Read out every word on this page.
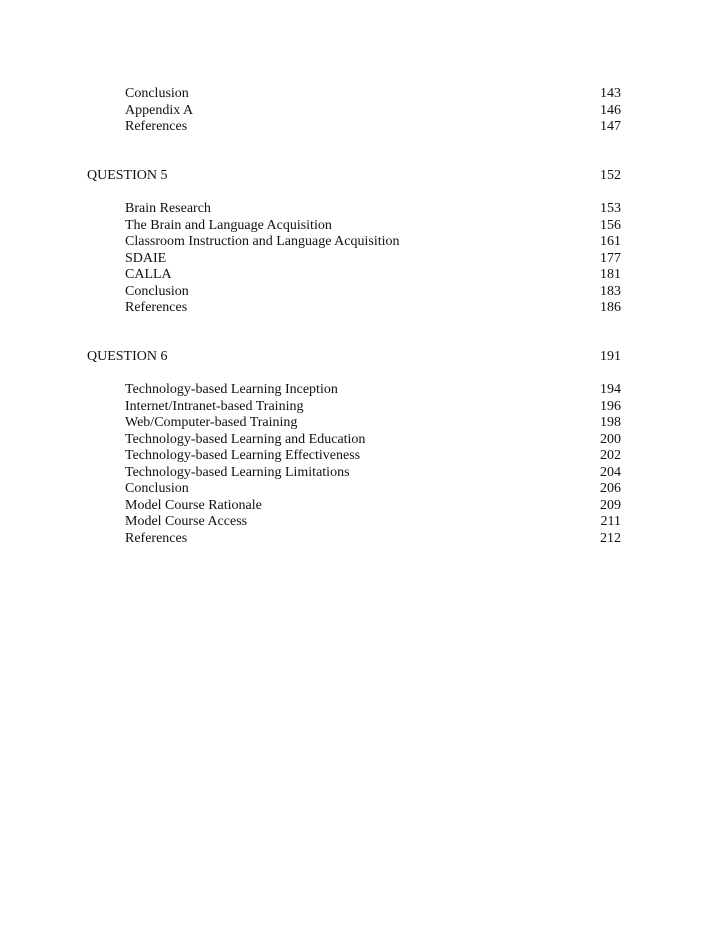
Conclusion	143
Appendix A	146
References	147
QUESTION 5	152
Brain Research	153
The Brain and Language Acquisition	156
Classroom Instruction and Language Acquisition	161
SDAIE	177
CALLA	181
Conclusion	183
References	186
QUESTION 6	191
Technology-based Learning Inception	194
Internet/Intranet-based Training	196
Web/Computer-based Training	198
Technology-based Learning and Education	200
Technology-based Learning Effectiveness	202
Technology-based Learning Limitations	204
Conclusion	206
Model Course Rationale	209
Model Course Access	211
References	212
